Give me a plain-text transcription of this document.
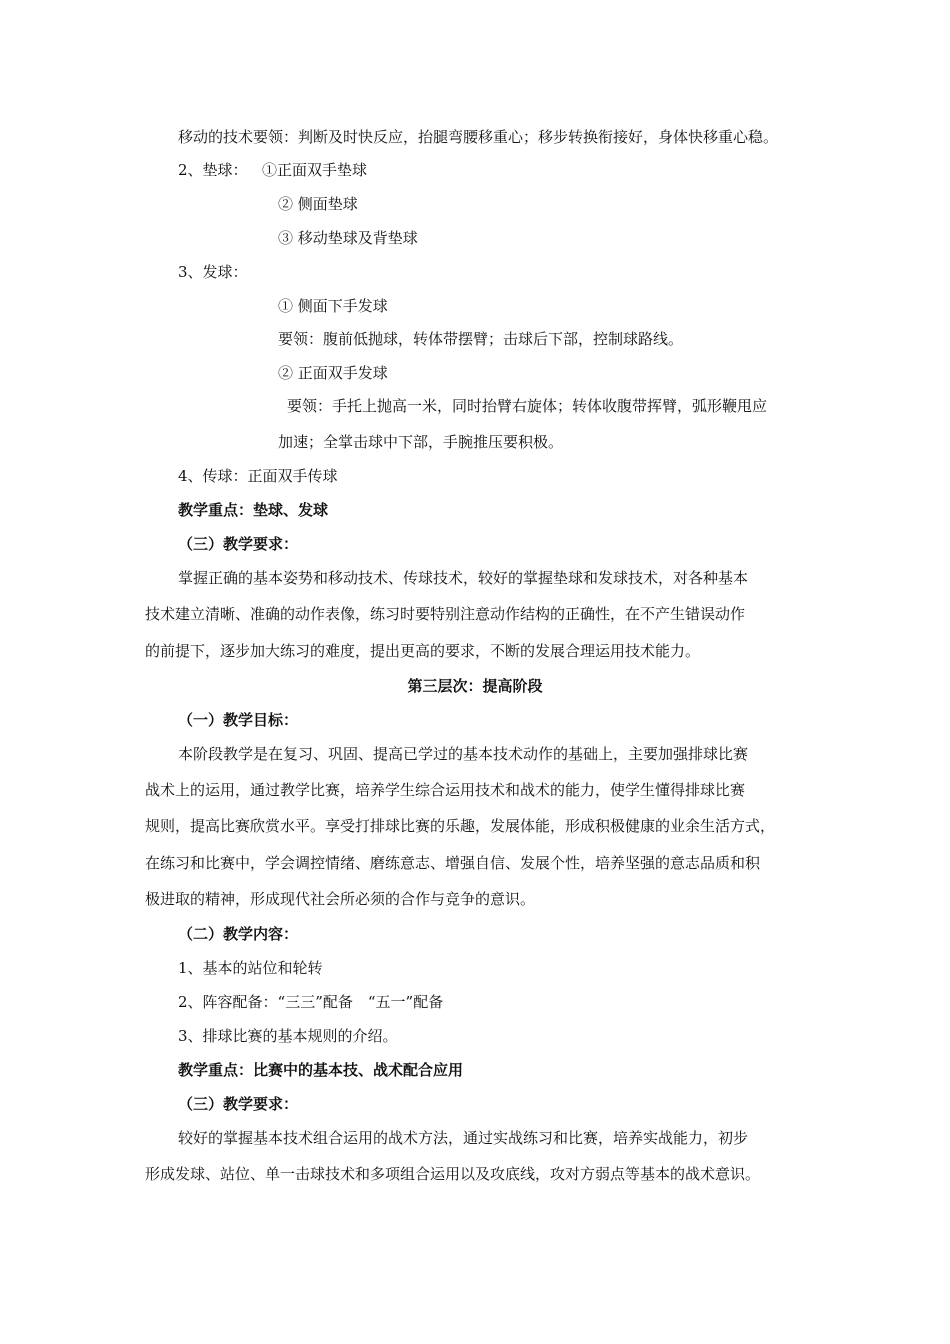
移动的技术要领：判断及时快反应，抬腿弯腰移重心；移步转换衔接好，身体快移重心稳。
2、垫球： ①正面双手垫球
② 侧面垫球
③ 移动垫球及背垫球
3、发球：
① 侧面下手发球
要领：腹前低抛球，转体带摆臂；击球后下部，控制球路线。
② 正面双手发球
要领：手托上抛高一米，同时抬臂右旋体；转体收腹带挥臂，弧形鞭甩应
加速；全掌击球中下部，手腕推压要积极。
4、传球：正面双手传球
教学重点：垫球、发球
（三）教学要求：
掌握正确的基本姿势和移动技术、传球技术，较好的掌握垫球和发球技术，对各种基本
技术建立清晰、准确的动作表像，练习时要特别注意动作结构的正确性，在不产生错误动作
的前提下，逐步加大练习的难度，提出更高的要求，不断的发展合理运用技术能力。
第三层次：提高阶段
（一）教学目标：
本阶段教学是在复习、巩固、提高已学过的基本技术动作的基础上，主要加强排球比赛
战术上的运用，通过教学比赛，培养学生综合运用技术和战术的能力，使学生懂得排球比赛
规则，提高比赛欣赏水平。享受打排球比赛的乐趣，发展体能，形成积极健康的业余生活方式，
在练习和比赛中，学会调控情绪、磨练意志、增强自信、发展个性，培养坚强的意志品质和积
极进取的精神，形成现代社会所必须的合作与竞争的意识。
（二）教学内容：
1、基本的站位和轮转
2、阵容配备：“三三”配备　“五一”配备
3、排球比赛的基本规则的介绍。
教学重点：比赛中的基本技、战术配合应用
（三）教学要求：
较好的掌握基本技术组合运用的战术方法，通过实战练习和比赛，培养实战能力，初步
形成发球、站位、单一击球技术和多项组合运用以及攻底线，攻对方弱点等基本的战术意识。
